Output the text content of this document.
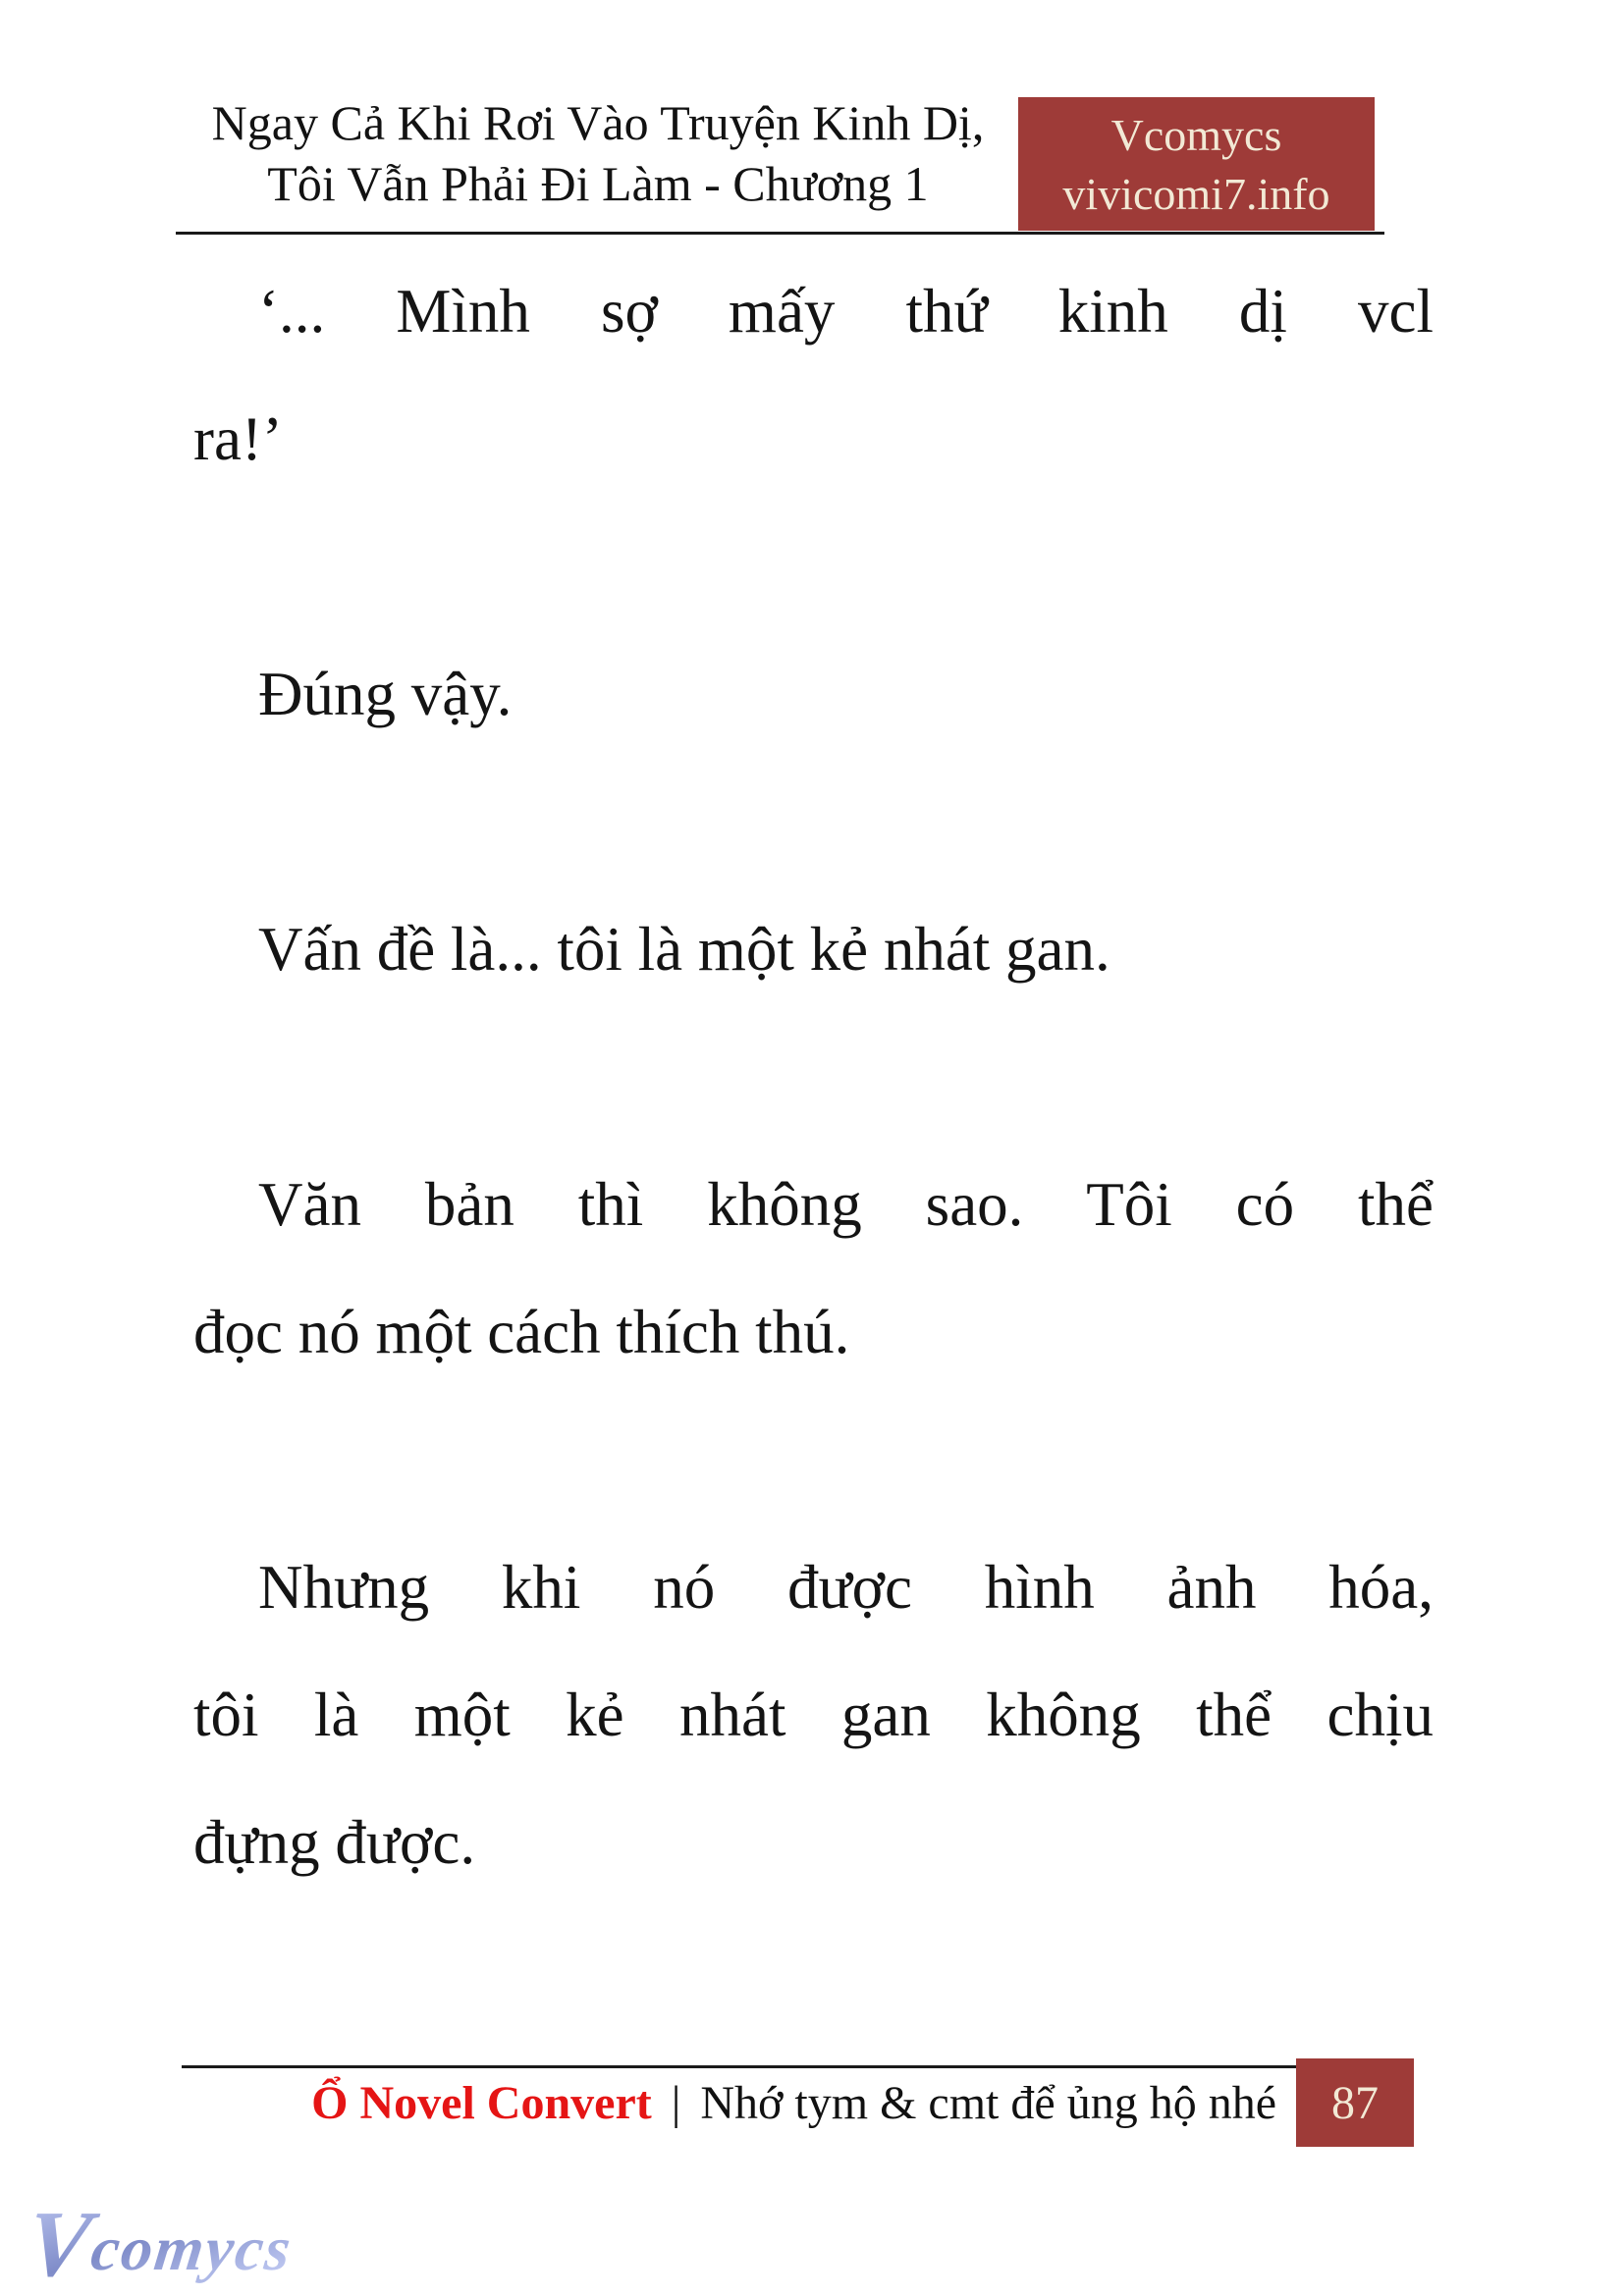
Ngay Cả Khi Rơi Vào Truyện Kinh Dị,
Tôi Vẫn Phải Đi Làm - Chương 1
Vcomycs
vivicomi7.info
‘... Mình sợ mấy thứ kinh dị vcl
ra!’
Đúng vậy.
Vấn đề là... tôi là một kẻ nhát gan.
Văn bản thì không sao. Tôi có thể
đọc nó một cách thích thú.
Nhưng khi nó được hình ảnh hóa,
tôi là một kẻ nhát gan không thể chịu
đựng được.
Ổ Novel Convert | Nhớ tym & cmt để ủng hộ nhé 87
Vcomycs
